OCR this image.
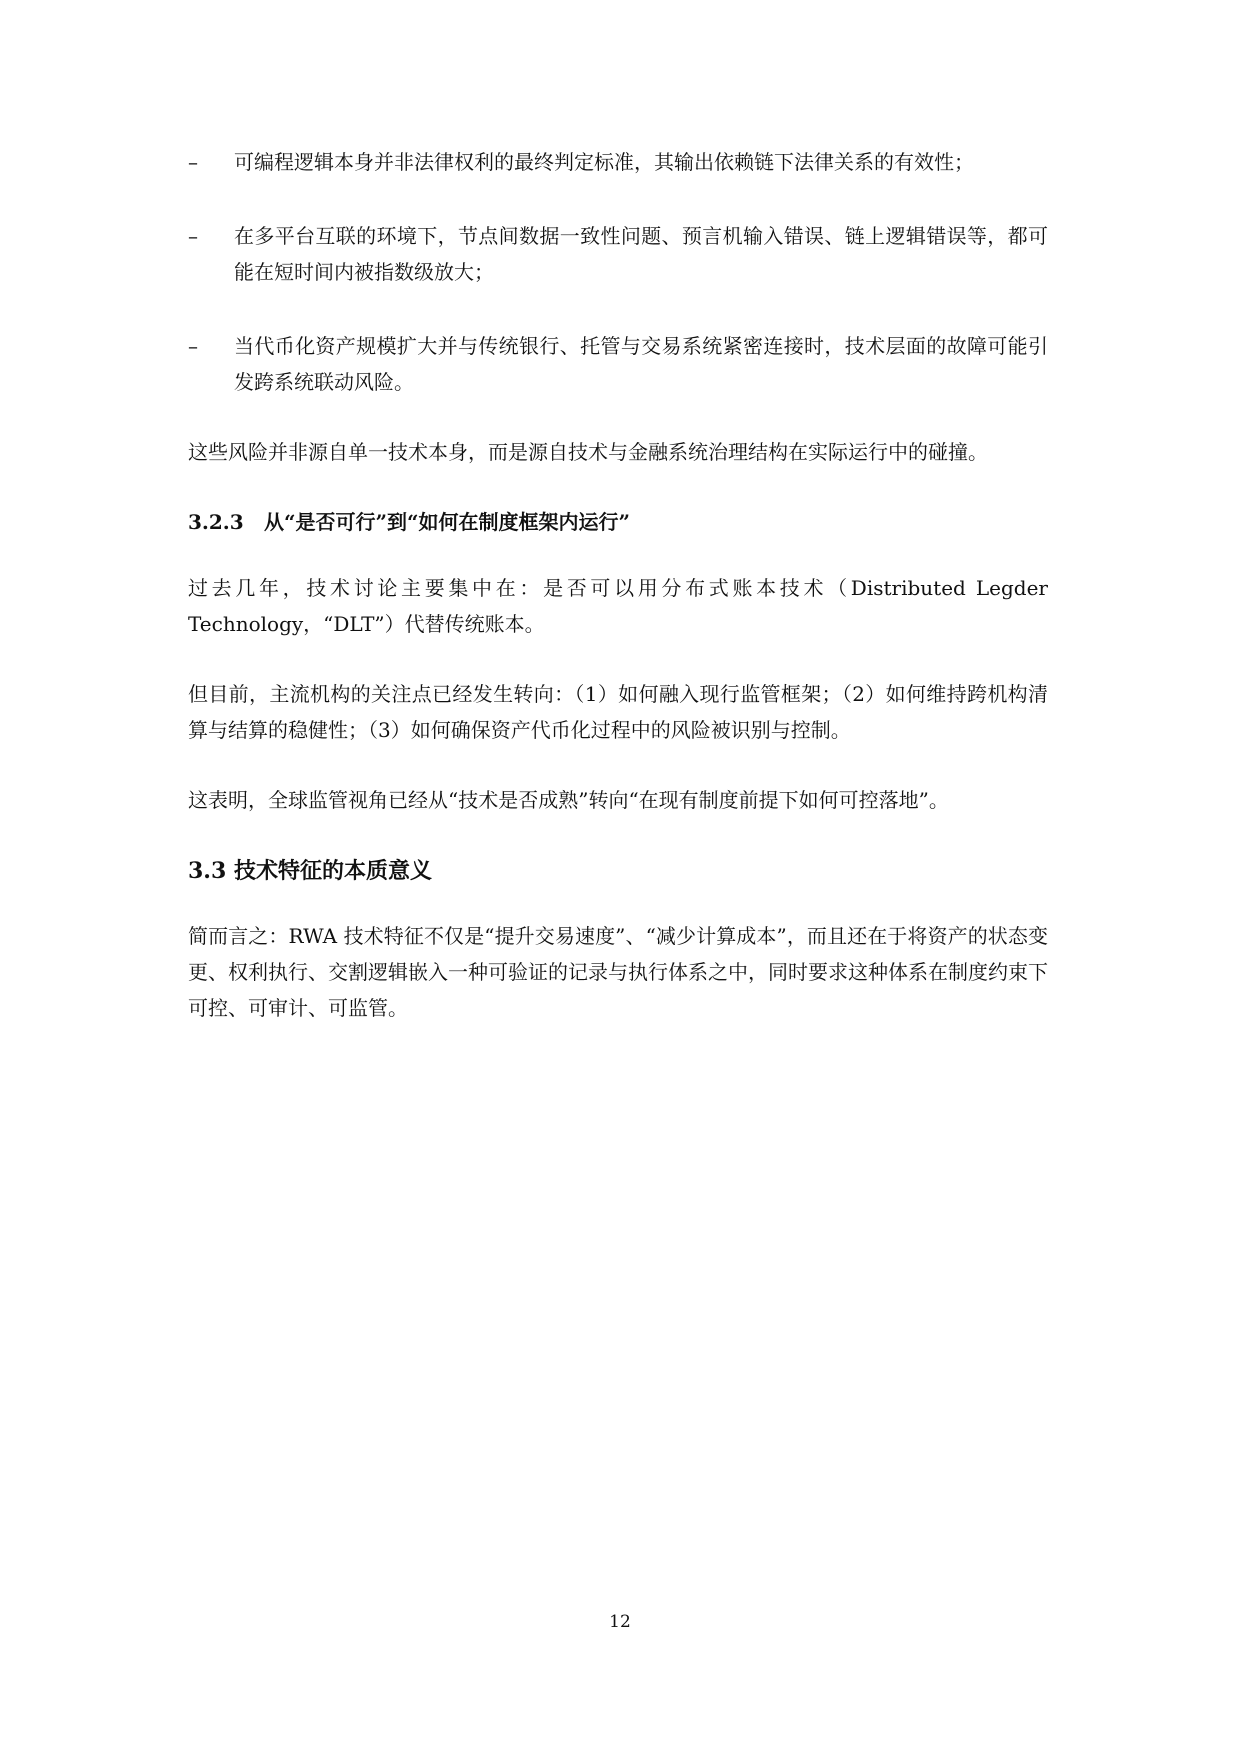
–	可编程逻辑本身并非法律权利的最终判定标准，其输出依赖链下法律关系的有效性；
–	在多平台互联的环境下，节点间数据一致性问题、预言机输入错误、链上逻辑错误等，都可能在短时间内被指数级放大；
–	当代币化资产规模扩大并与传统银行、托管与交易系统紧密连接时，技术层面的故障可能引发跨系统联动风险。

这些风险并非源自单一技术本身，而是源自技术与金融系统治理结构在实际运行中的碰撞。

3.2.3 从“是否可行”到“如何在制度框架内运行”

过去几年，技术讨论主要集中在：是否可以用分布式账本技术（Distributed Legder Technology，“DLT”）代替传统账本。

但目前，主流机构的关注点已经发生转向：（1）如何融入现行监管框架；（2）如何维持跨机构清算与结算的稳健性；（3）如何确保资产代币化过程中的风险被识别与控制。

这表明，全球监管视角已经从“技术是否成熟”转向“在现有制度前提下如何可控落地”。

3.3 技术特征的本质意义

简而言之：RWA 技术特征不仅是“提升交易速度”、“减少计算成本”，而且还在于将资产的状态变更、权利执行、交割逻辑嵌入一种可验证的记录与执行体系之中，同时要求这种体系在制度约束下可控、可审计、可监管。

12
